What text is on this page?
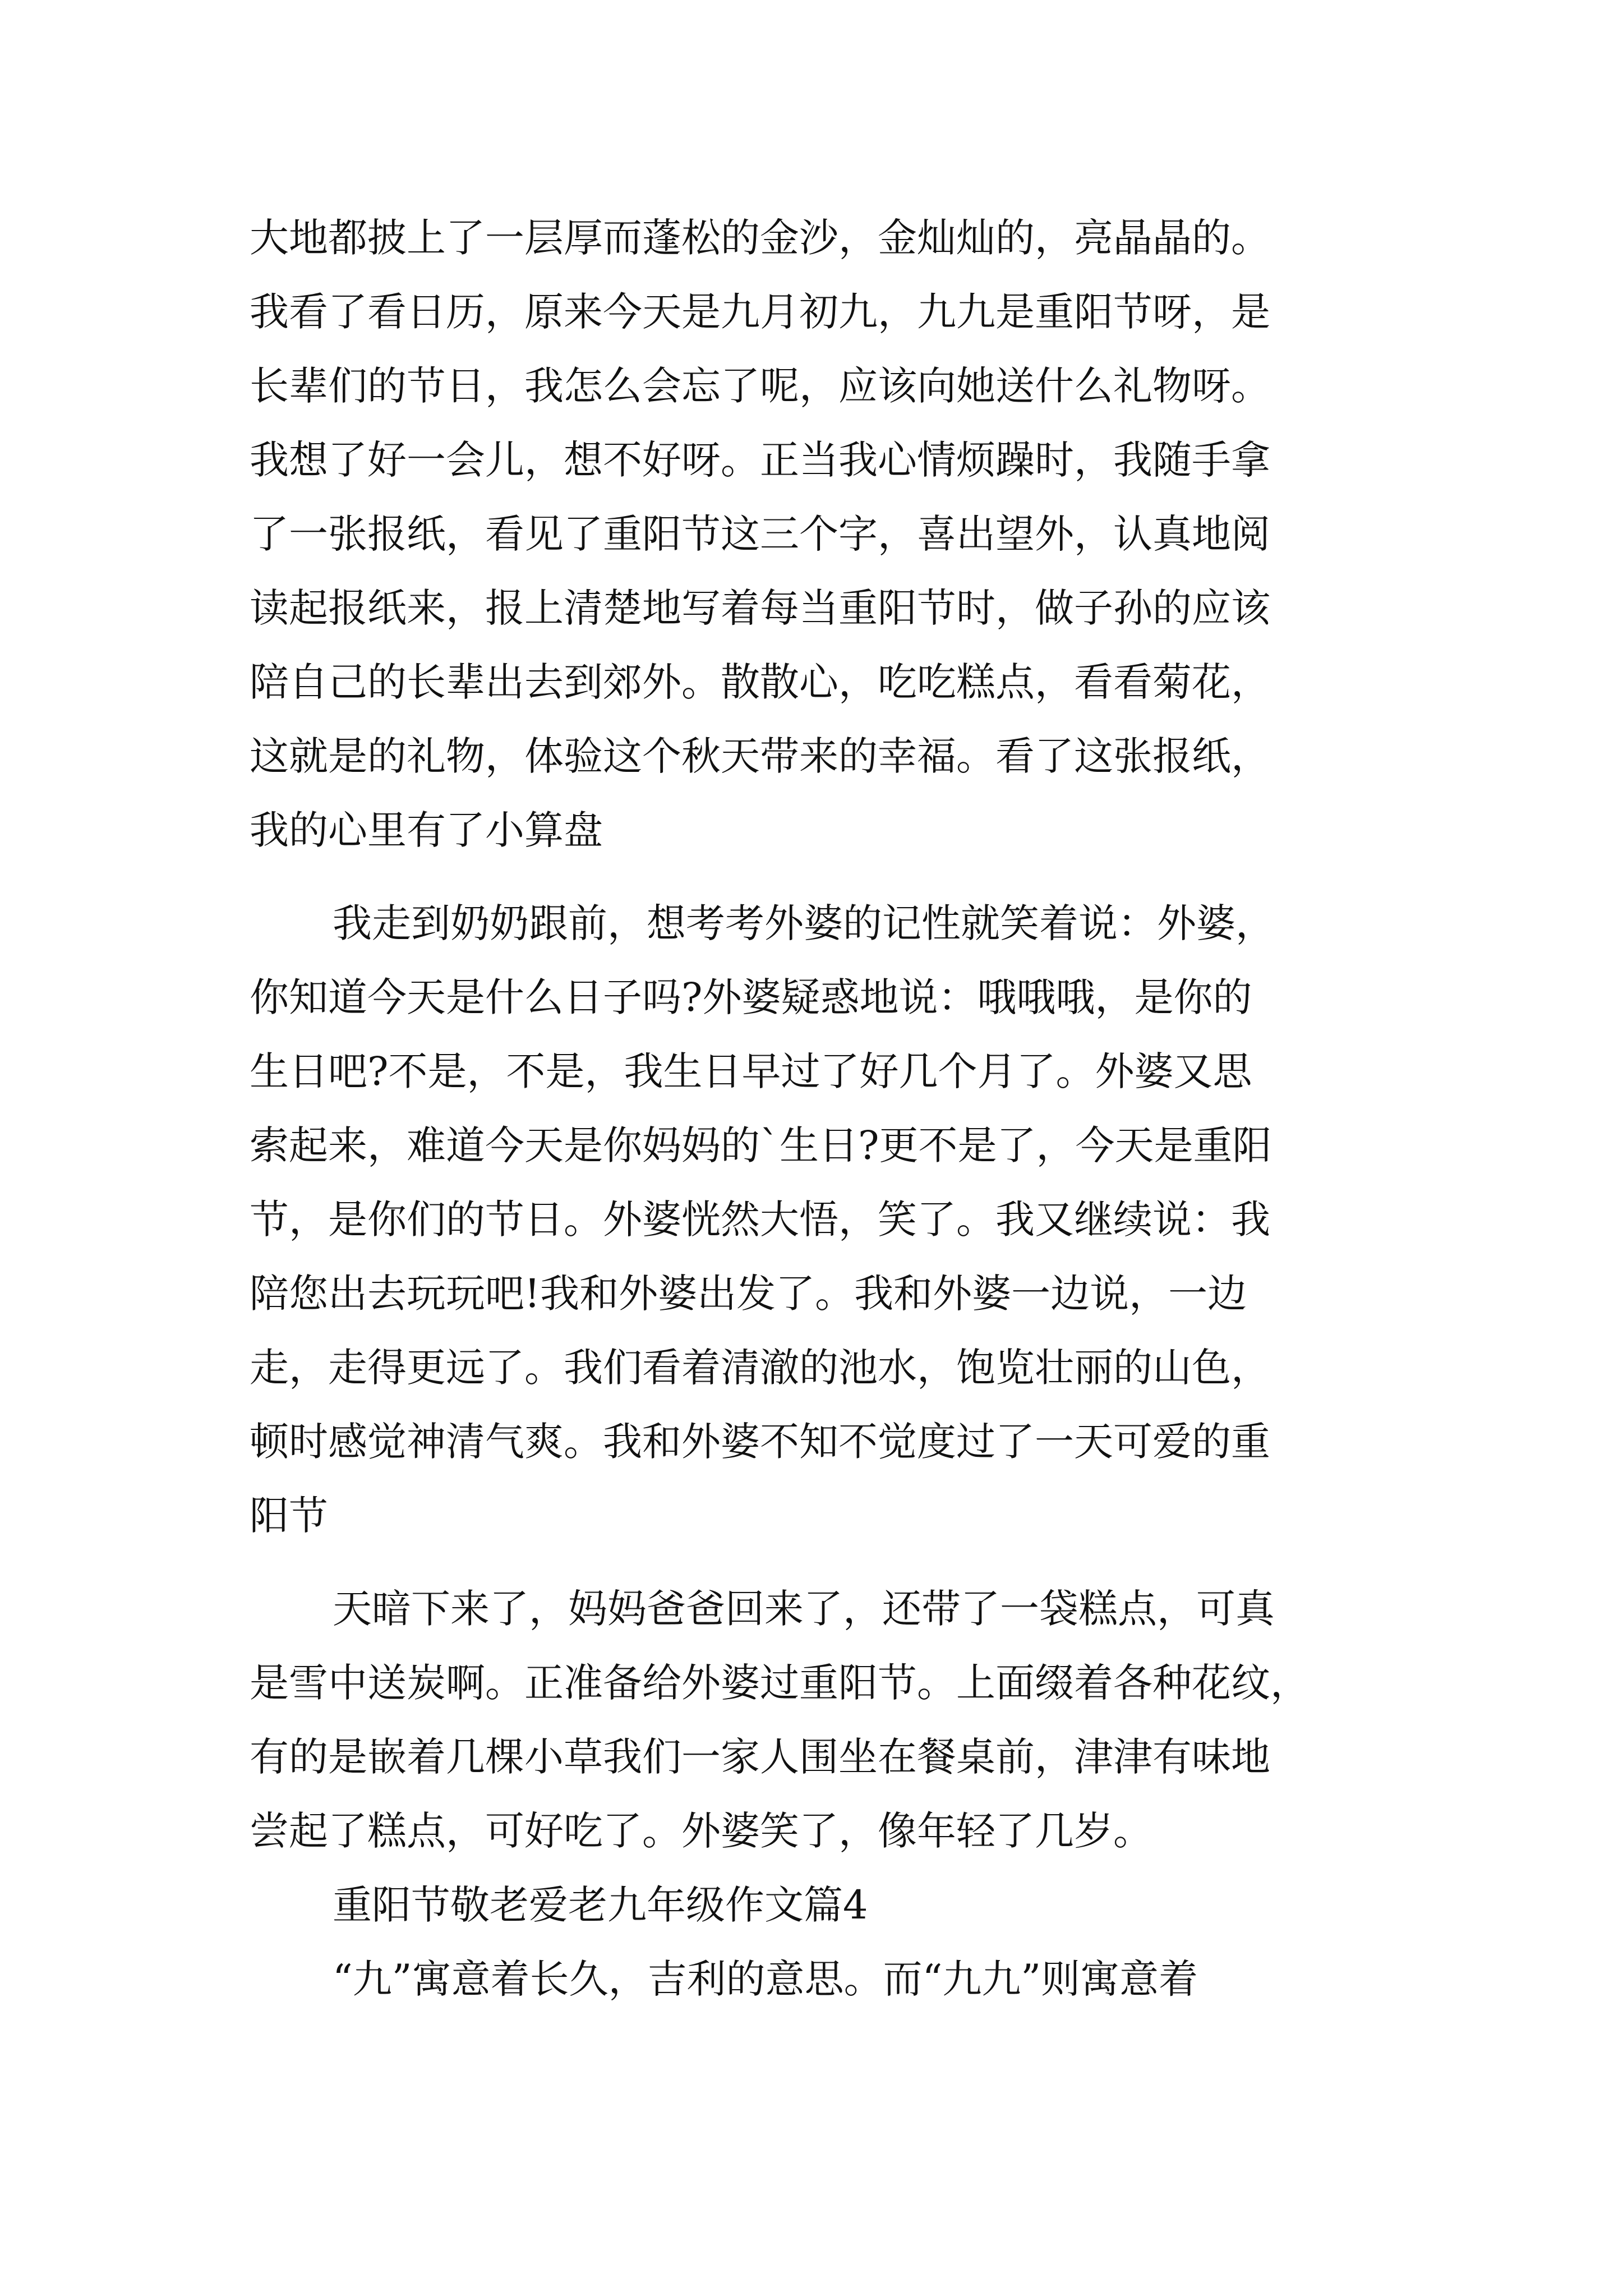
大地都披上了一层厚而蓬松的金沙，金灿灿的，亮晶晶的。
我看了看日历，原来今天是九月初九，九九是重阳节呀，是
长辈们的节日，我怎么会忘了呢，应该向她送什么礼物呀。
我想了好一会儿，想不好呀。正当我心情烦躁时，我随手拿
了一张报纸，看见了重阳节这三个字，喜出望外，认真地阅
读起报纸来，报上清楚地写着每当重阳节时，做子孙的应该
陪自己的长辈出去到郊外。散散心，吃吃糕点，看看菊花，
这就是的礼物，体验这个秋天带来的幸福。看了这张报纸，
我的心里有了小算盘
我走到奶奶跟前，想考考外婆的记性就笑着说：外婆，
你知道今天是什么日子吗?外婆疑惑地说：哦哦哦，是你的
生日吧?不是，不是，我生日早过了好几个月了。外婆又思
索起来，难道今天是你妈妈的`生日?更不是了，今天是重阳
节，是你们的节日。外婆恍然大悟，笑了。我又继续说：我
陪您出去玩玩吧!我和外婆出发了。我和外婆一边说，一边
走，走得更远了。我们看着清澈的池水，饱览壮丽的山色，
顿时感觉神清气爽。我和外婆不知不觉度过了一天可爱的重
阳节
天暗下来了，妈妈爸爸回来了，还带了一袋糕点，可真
是雪中送炭啊。正准备给外婆过重阳节。上面缀着各种花纹，
有的是嵌着几棵小草我们一家人围坐在餐桌前，津津有味地
尝起了糕点，可好吃了。外婆笑了，像年轻了几岁。
重阳节敬老爱老九年级作文篇4
“九”寓意着长久，吉利的意思。而“九九”则寓意着
